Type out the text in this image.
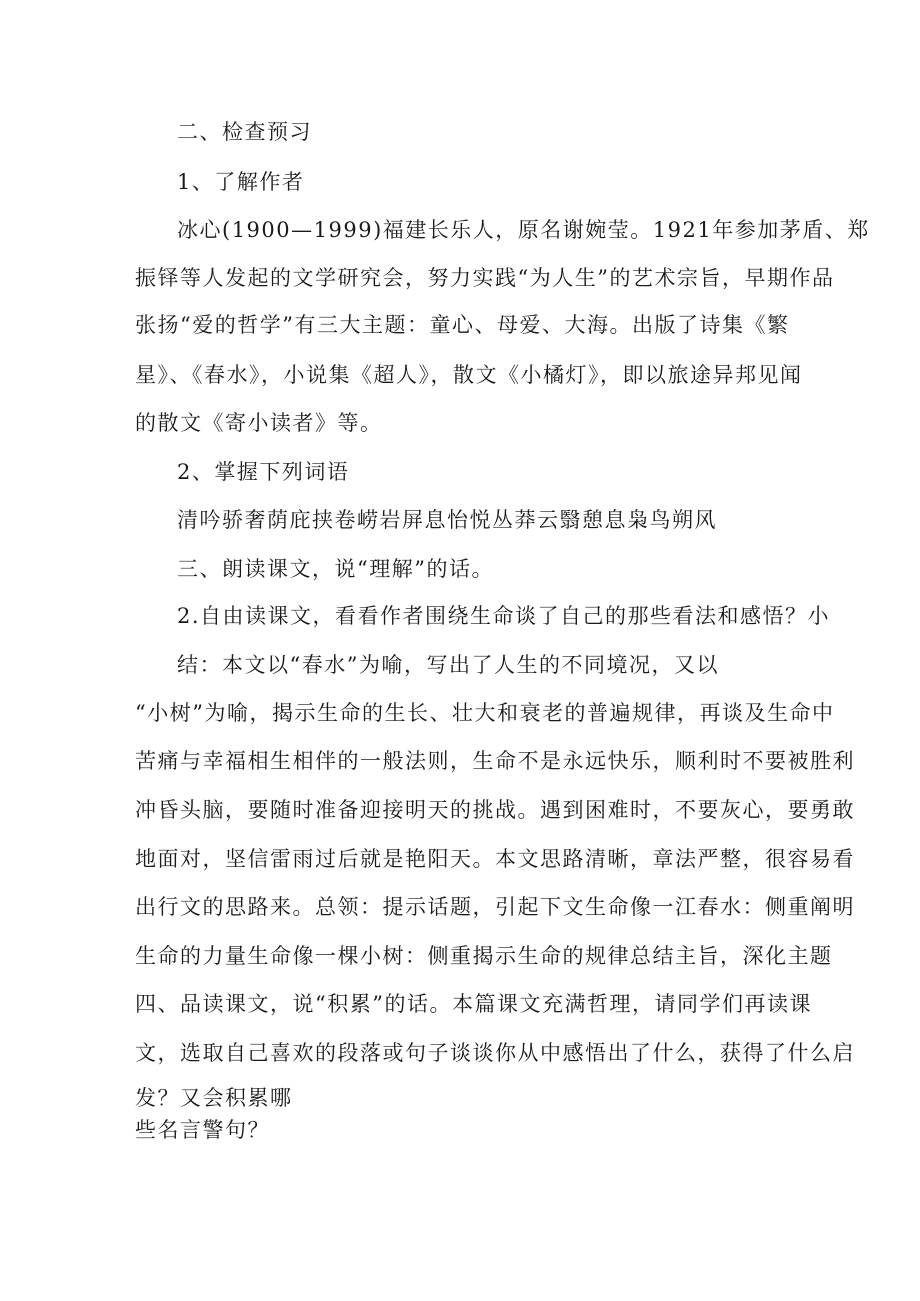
二、检查预习
1、了解作者
冰心(1900—1999)福建长乐人，原名谢婉莹。1921年参加茅盾、郑
振铎等人发起的文学研究会，努力实践“为人生”的艺术宗旨，早期作品
张扬“爱的哲学”有三大主题：童心、母爱、大海。出版了诗集《繁
星》、《春水》，小说集《超人》，散文《小橘灯》，即以旅途异邦见闻
的散文《寄小读者》等。
2、掌握下列词语
清吟骄奢荫庇挟卷崂岩屏息怡悦丛莽云翳憩息枭鸟朔风
三、朗读课文，说“理解”的话。
2.自由读课文，看看作者围绕生命谈了自己的那些看法和感悟？小
结：本文以“春水”为喻，写出了人生的不同境况，又以
“小树”为喻，揭示生命的生长、壮大和衰老的普遍规律，再谈及生命中
苦痛与幸福相生相伴的一般法则，生命不是永远快乐，顺利时不要被胜利
冲昏头脑，要随时准备迎接明天的挑战。遇到困难时，不要灰心，要勇敢
地面对，坚信雷雨过后就是艳阳天。本文思路清晰，章法严整，很容易看
出行文的思路来。总领：提示话题，引起下文生命像一江春水：侧重阐明
生命的力量生命像一棵小树：侧重揭示生命的规律总结主旨，深化主题
四、品读课文，说“积累”的话。本篇课文充满哲理，请同学们再读课
文，选取自己喜欢的段落或句子谈谈你从中感悟出了什么，获得了什么启
发？又会积累哪
些名言警句？
